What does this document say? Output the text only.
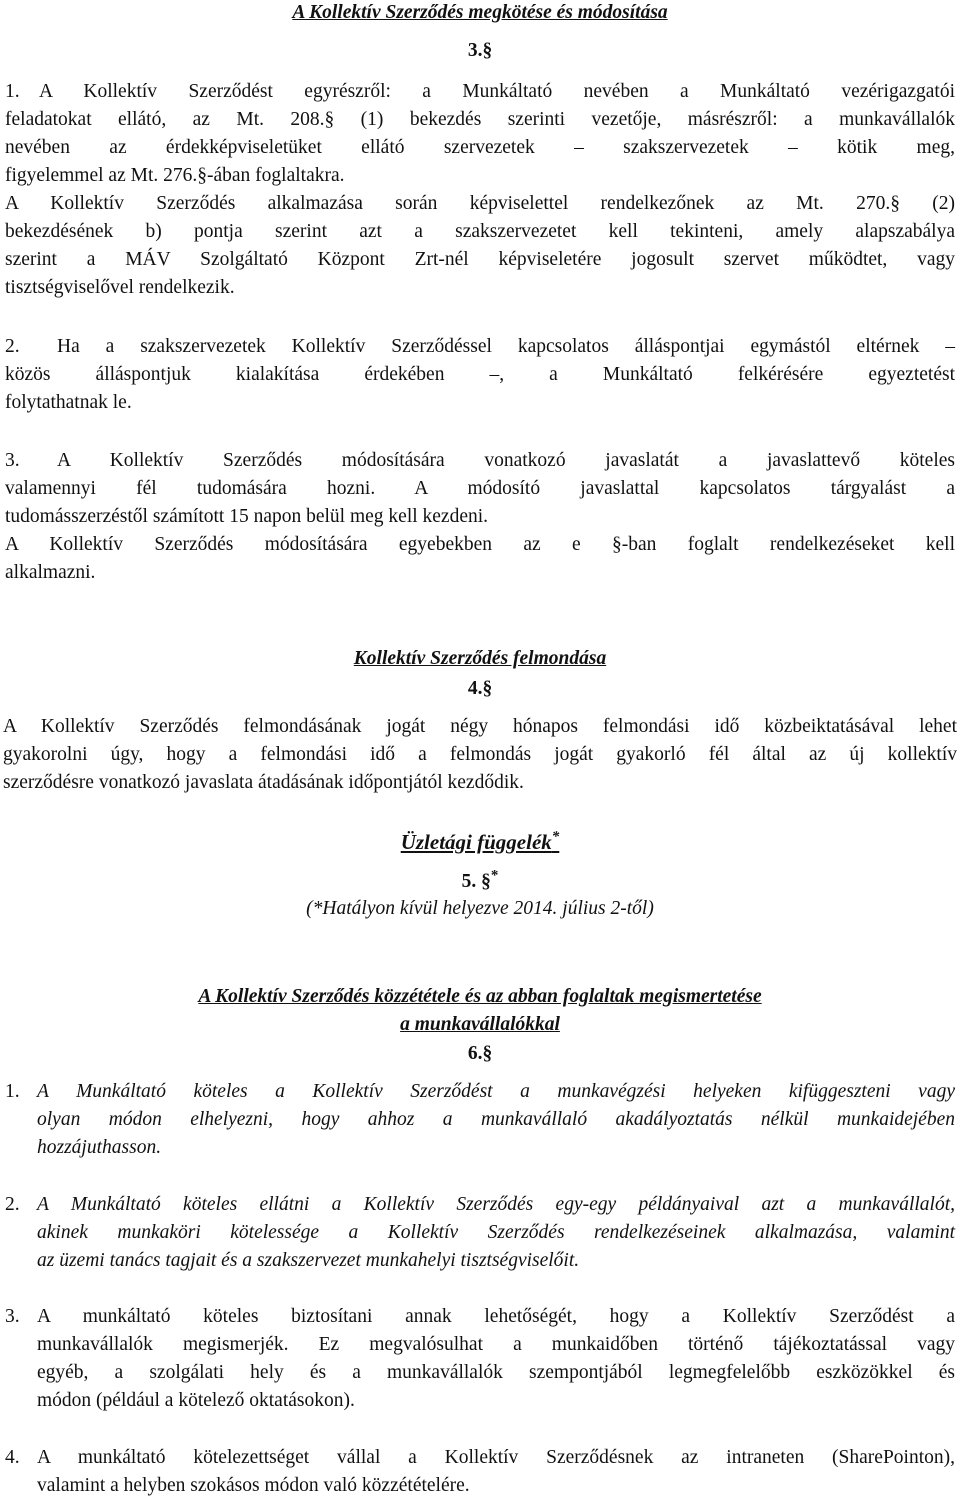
A Kollektív Szerződés megkötése és módosítása
3.§
1. A Kollektív Szerződést egyrészről: a Munkáltató nevében a Munkáltató vezérigazgatói
feladatokat ellátó, az Mt. 208.§ (1) bekezdés szerinti vezetője, másrészről: a munkavállalók
nevében az érdekképviseletüket ellátó szervezetek – szakszervezetek – kötik meg,
figyelemmel az Mt. 276.§-ában foglaltakra.
A Kollektív Szerződés alkalmazása során képviselettel rendelkezőnek az Mt. 270.§ (2)
bekezdésének b) pontja szerint azt a szakszervezetet kell tekinteni, amely alapszabálya
szerint a MÁV Szolgáltató Központ Zrt-nél képviseletére jogosult szervet működtet, vagy
tisztségviselővel rendelkezik.
2. Ha a szakszervezetek Kollektív Szerződéssel kapcsolatos álláspontjai egymástól eltérnek –
közös álláspontjuk kialakítása érdekében –, a Munkáltató felkérésére egyeztetést
folytathatnak le.
3. A Kollektív Szerződés módosítására vonatkozó javaslatát a javaslattevő köteles
valamennyi fél tudomására hozni. A módosító javaslattal kapcsolatos tárgyalást a
tudomásszerzéstől számított 15 napon belül meg kell kezdeni.
A Kollektív Szerződés módosítására egyebekben az e §-ban foglalt rendelkezéseket kell
alkalmazni.
Kollektív Szerződés felmondása
4.§
A Kollektív Szerződés felmondásának jogát négy hónapos felmondási idő közbeiktatásával lehet
gyakorolni úgy, hogy a felmondási idő a felmondás jogát gyakorló fél által az új kollektív
szerződésre vonatkozó javaslata átadásának időpontjától kezdődik.
Üzletági függelék*
5. §*
(*Hatályon kívül helyezve 2014. július 2-től)
A Kollektív Szerződés közzététele és az abban foglaltak megismertetése
a munkavállalókkal
6.§
1. A Munkáltató köteles a Kollektív Szerződést a munkavégzési helyeken kifüggeszteni vagy
olyan módon elhelyezni, hogy ahhoz a munkavállaló akadályoztatás nélkül munkaidejében
hozzájuthasson.
2. A Munkáltató köteles ellátni a Kollektív Szerződés egy-egy példányaival azt a munkavállalót,
akinek munkaköri kötelessége a Kollektív Szerződés rendelkezéseinek alkalmazása, valamint
az üzemi tanács tagjait és a szakszervezet munkahelyi tisztségviselőit.
3. A munkáltató köteles biztosítani annak lehetőségét, hogy a Kollektív Szerződést a
munkavállalók megismerjék. Ez megvalósulhat a munkaidőben történő tájékoztatással vagy
egyéb, a szolgálati hely és a munkavállalók szempontjából legmegfelelőbb eszközökkel és
módon (például a kötelező oktatásokon).
4. A munkáltató kötelezettséget vállal a Kollektív Szerződésnek az intraneten (SharePointon),
valamint a helyben szokásos módon való közzétételére.
